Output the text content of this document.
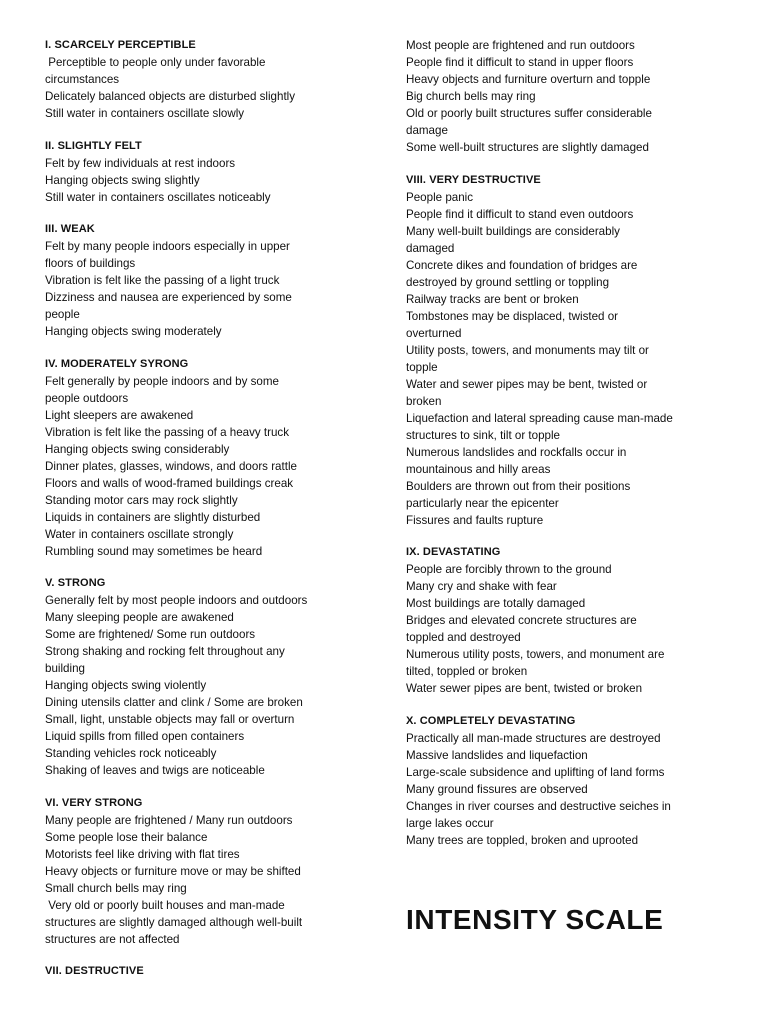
I. SCARCELY PERCEPTIBLE
Perceptible to people only under favorable
circumstances
Delicately balanced objects are disturbed slightly
Still water in containers oscillate slowly
II. SLIGHTLY FELT
Felt by few individuals at rest indoors
Hanging objects swing slightly
Still water in containers oscillates noticeably
III. WEAK
Felt by many people indoors especially in upper
floors of buildings
Vibration is felt like the passing of a light truck
Dizziness and nausea are experienced by some
people
Hanging objects swing moderately
IV. MODERATELY SYRONG
Felt generally by people indoors and by some
people outdoors
Light sleepers are awakened
Vibration is felt like the passing of a heavy truck
Hanging objects swing considerably
Dinner plates, glasses, windows, and doors rattle
Floors and walls of wood-framed buildings creak
Standing motor cars may rock slightly
Liquids in containers are slightly disturbed
Water in containers oscillate strongly
Rumbling sound may sometimes be heard
V. STRONG
Generally felt by most people indoors and outdoors
Many sleeping people are awakened
Some are frightened/ Some run outdoors
Strong shaking and rocking felt throughout any
building
Hanging objects swing violently
Dining utensils clatter and clink / Some are broken
Small, light, unstable objects may fall or overturn
Liquid spills from filled open containers
Standing vehicles rock noticeably
Shaking of leaves and twigs are noticeable
VI. VERY STRONG
Many people are frightened / Many run outdoors
Some people lose their balance
Motorists feel like driving with flat tires
Heavy objects or furniture move or may be shifted
Small church bells may ring
Very old or poorly built houses and man-made
structures are slightly damaged although well-built
structures are not affected
VII. DESTRUCTIVE
Most people are frightened and run outdoors
People find it difficult to stand in upper floors
Heavy objects and furniture overturn and topple
Big church bells may ring
Old or poorly built structures suffer considerable
damage
Some well-built structures are slightly damaged
VIII. VERY DESTRUCTIVE
People panic
People find it difficult to stand even outdoors
Many well-built buildings are considerably
damaged
Concrete dikes and foundation of bridges are
destroyed by ground settling or toppling
Railway tracks are bent or broken
Tombstones may be displaced, twisted or
overturned
Utility posts, towers, and monuments may tilt or
topple
Water and sewer pipes may be bent, twisted or
broken
Liquefaction and lateral spreading cause man-made
structures to sink, tilt or topple
Numerous landslides and rockfalls occur in
mountainous and hilly areas
Boulders are thrown out from their positions
particularly near the epicenter
Fissures and faults rupture
IX. DEVASTATING
People are forcibly thrown to the ground
Many cry and shake with fear
Most buildings are totally damaged
Bridges and elevated concrete structures are
toppled and destroyed
Numerous utility posts, towers, and monument are
tilted, toppled or broken
Water sewer pipes are bent, twisted or broken
X. COMPLETELY DEVASTATING
Practically all man-made structures are destroyed
Massive landslides and liquefaction
Large-scale subsidence and uplifting of land forms
Many ground fissures are observed
Changes in river courses and destructive seiches in
large lakes occur
Many trees are toppled, broken and uprooted
INTENSITY SCALE
